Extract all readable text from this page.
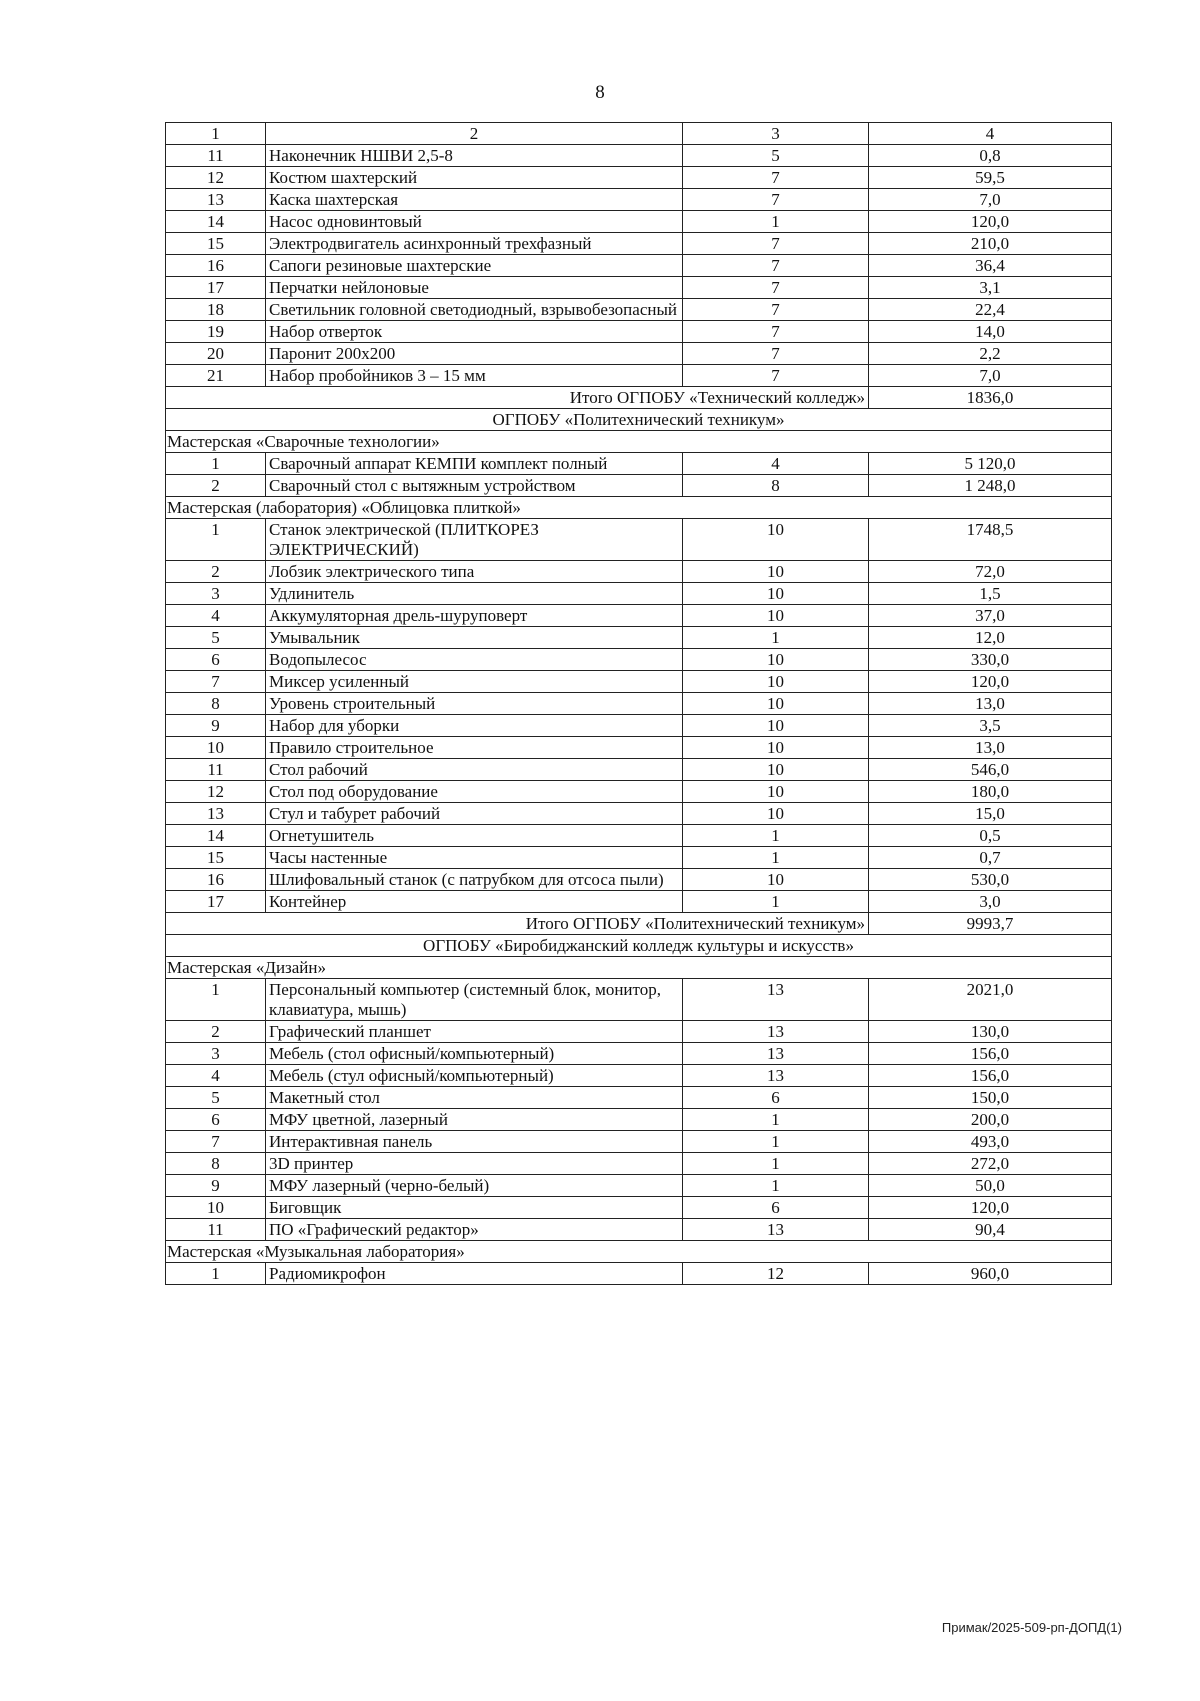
8
1	2	3	4
11	Наконечник НШВИ 2,5-8	5	0,8
12	Костюм шахтерский	7	59,5
13	Каска шахтерская	7	7,0
14	Насос одновинтовый	1	120,0
15	Электродвигатель асинхронный трехфазный	7	210,0
16	Сапоги резиновые шахтерские	7	36,4
17	Перчатки нейлоновые	7	3,1
18	Светильник головной светодиодный, взрывобезопасный	7	22,4
19	Набор отверток	7	14,0
20	Паронит 200х200	7	2,2
21	Набор пробойников 3 – 15 мм	7	7,0
Итого ОГПОБУ «Технический колледж»			1836,0
ОГПОБУ «Политехнический техникум»			
Мастерская «Сварочные технологии»			
1	Сварочный аппарат КЕМПИ комплект полный	4	5 120,0
2	Сварочный стол с вытяжным устройством	8	1 248,0
Мастерская (лаборатория) «Облицовка плиткой»			
1	Станок электрической (ПЛИТКОРЕЗ ЭЛЕКТРИЧЕСКИЙ)	10	1748,5
2	Лобзик электрического типа	10	72,0
3	Удлинитель	10	1,5
4	Аккумуляторная дрель-шуруповерт	10	37,0
5	Умывальник	1	12,0
6	Водопылесос	10	330,0
7	Миксер усиленный	10	120,0
8	Уровень строительный	10	13,0
9	Набор для уборки	10	3,5
10	Правило строительное	10	13,0
11	Стол рабочий	10	546,0
12	Стол под оборудование	10	180,0
13	Стул и табурет рабочий	10	15,0
14	Огнетушитель	1	0,5
15	Часы настенные	1	0,7
16	Шлифовальный станок (с патрубком для отсоса пыли)	10	530,0
17	Контейнер	1	3,0
Итого ОГПОБУ «Политехнический техникум»			9993,7
ОГПОБУ «Биробиджанский колледж культуры и искусств»			
Мастерская «Дизайн»			
1	Персональный компьютер (системный блок, монитор, клавиатура, мышь)	13	2021,0
2	Графический планшет	13	130,0
3	Мебель (стол офисный/компьютерный)	13	156,0
4	Мебель (стул офисный/компьютерный)	13	156,0
5	Макетный стол	6	150,0
6	МФУ цветной, лазерный	1	200,0
7	Интерактивная панель	1	493,0
8	3D принтер	1	272,0
9	МФУ лазерный (черно-белый)	1	50,0
10	Биговщик	6	120,0
11	ПО «Графический редактор»	13	90,4
Мастерская «Музыкальная лаборатория»			
1	Радиомикрофон	12	960,0
Примак/2025-509-рп-ДОПД(1)
